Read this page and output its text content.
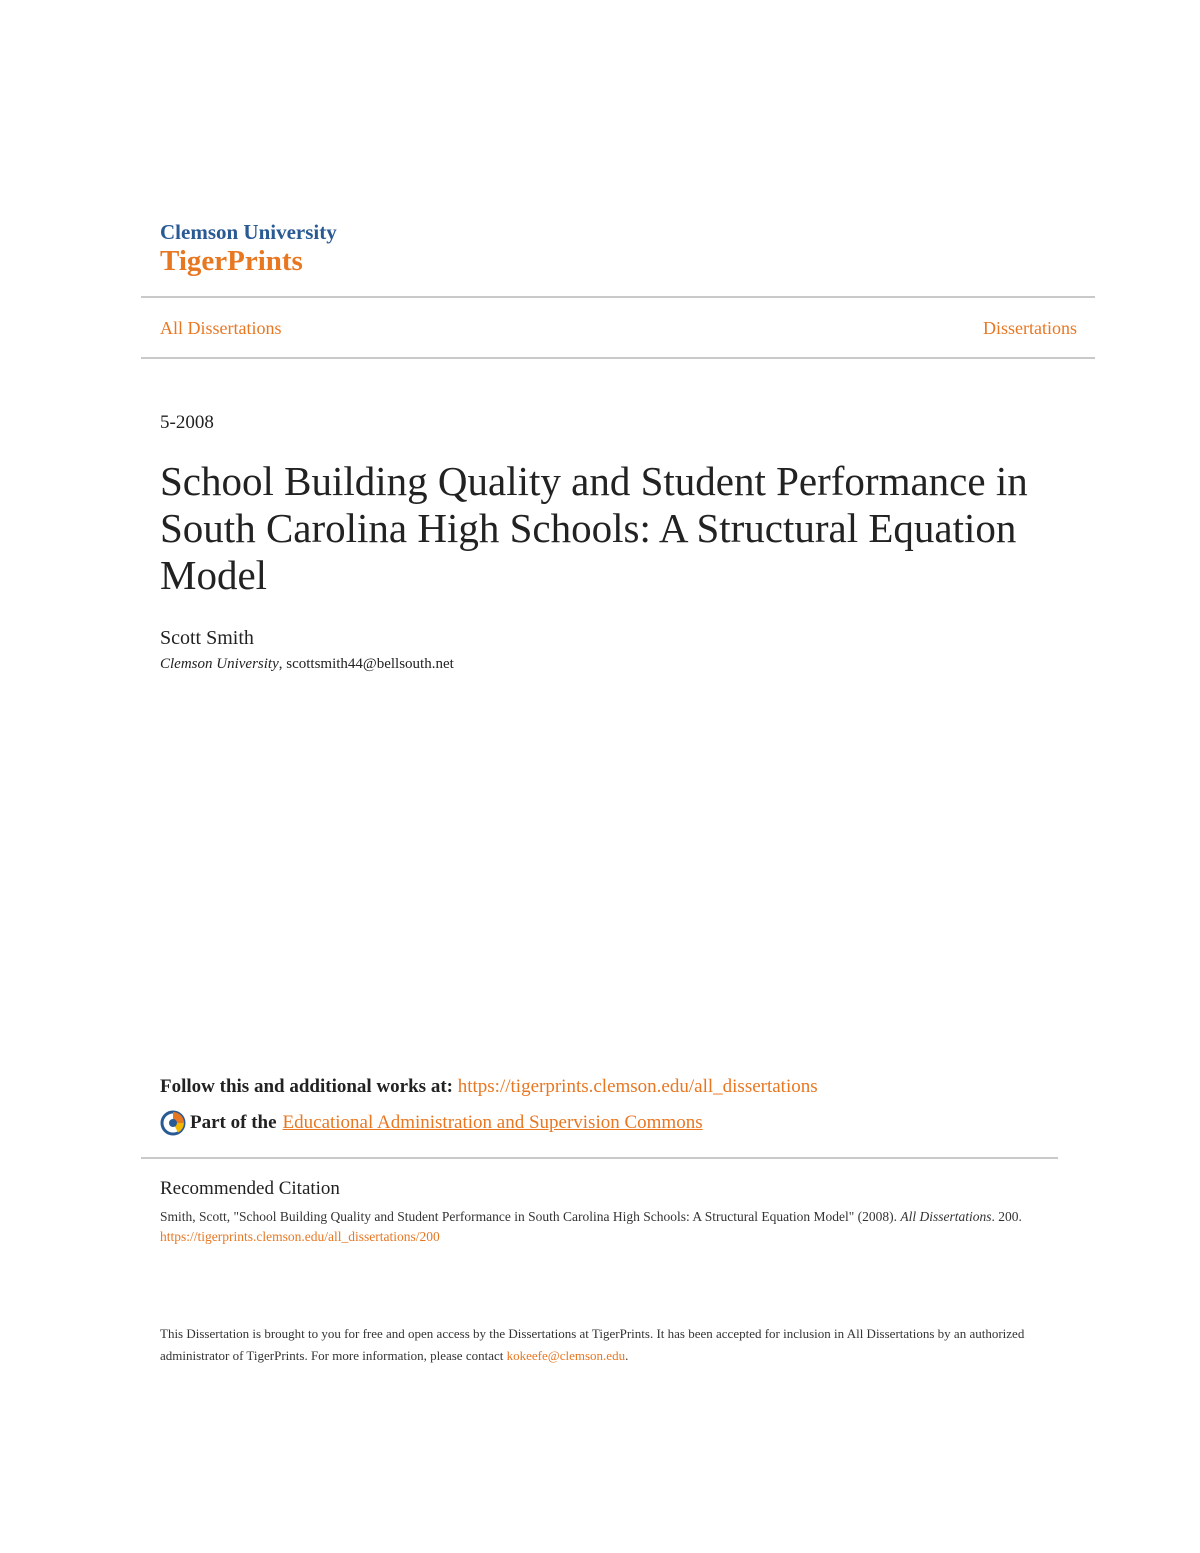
Clemson University
TigerPrints
All Dissertations	Dissertations
5-2008
School Building Quality and Student Performance in South Carolina High Schools: A Structural Equation Model
Scott Smith
Clemson University, scottsmith44@bellsouth.net
Follow this and additional works at: https://tigerprints.clemson.edu/all_dissertations
Part of the Educational Administration and Supervision Commons
Recommended Citation
Smith, Scott, "School Building Quality and Student Performance in South Carolina High Schools: A Structural Equation Model" (2008). All Dissertations. 200.
https://tigerprints.clemson.edu/all_dissertations/200
This Dissertation is brought to you for free and open access by the Dissertations at TigerPrints. It has been accepted for inclusion in All Dissertations by an authorized administrator of TigerPrints. For more information, please contact kokeefe@clemson.edu.
